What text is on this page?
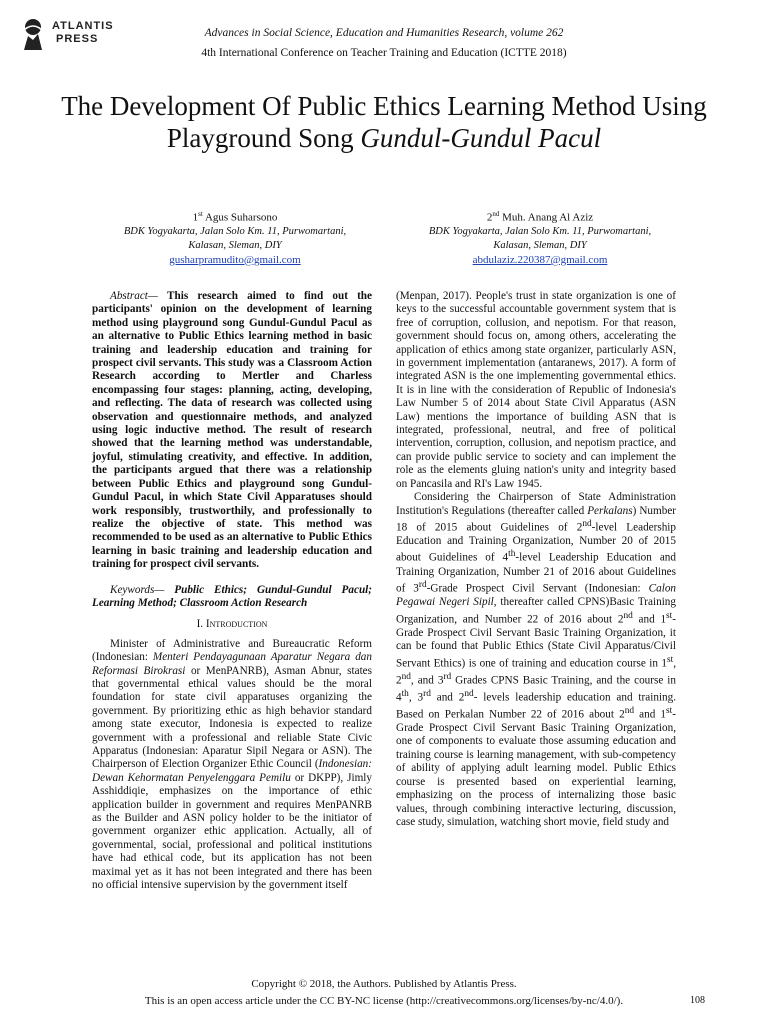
ATLANTIS
PRESS	Advances in Social Science, Education and Humanities Research, volume 262
4th International Conference on Teacher Training and Education (ICTTE 2018)
The Development Of Public Ethics Learning Method Using Playground Song Gundul-Gundul Pacul
1st Agus Suharsono
BDK Yogyakarta, Jalan Solo Km. 11, Purwomartani,
Kalasan, Sleman, DIY
gusharpramudito@gmail.com
2nd Muh. Anang Al Aziz
BDK Yogyakarta, Jalan Solo Km. 11, Purwomartani,
Kalasan, Sleman, DIY
abdulaziz.220387@gmail.com

Abstract— This research aimed to find out the participants' opinion on the development of learning method using playground song Gundul-Gundul Pacul as an alternative to Public Ethics learning method in basic training and leadership education and training for prospect civil servants. This study was a Classroom Action Research according to Mertler and Charless encompassing four stages: planning, acting, developing, and reflecting. The data of research was collected using observation and questionnaire methods, and analyzed using logic inductive method. The result of research showed that the learning method was understandable, joyful, stimulating creativity, and effective. In addition, the participants argued that there was a relationship between Public Ethics and playground song Gundul-Gundul Pacul, in which State Civil Apparatuses should work responsibly, trustworthily, and professionally to realize the objective of state. This method was recommended to be used as an alternative to Public Ethics learning in basic training and leadership education and training for prospect civil servants.

Keywords— Public Ethics; Gundul-Gundul Pacul; Learning Method; Classroom Action Research

I. Introduction

Minister of Administrative and Bureaucratic Reform (Indonesian: Menteri Pendayagunaan Aparatur Negara dan Reformasi Birokrasi or MenPANRB), Asman Abnur, states that governmental ethical values should be the moral foundation for state civil apparatuses organizing the government. By prioritizing ethic as high behavior standard among state executor, Indonesia is expected to realize government with a professional and reliable State Civic Apparatus (Indonesian: Aparatur Sipil Negara or ASN). The Chairperson of Election Organizer Ethic Council (Indonesian: Dewan Kehormatan Penyelenggara Pemilu or DKPP), Jimly Asshiddiqie, emphasizes on the importance of ethic application builder in government and requires MenPANRB as the Builder and ASN policy holder to be the initiator of government organizer ethic application. Actually, all of governmental, social, professional and political institutions have had ethical code, but its application has not been maximal yet as it has not been integrated and there has been no official intensive supervision by the government itself

(Menpan, 2017). People's trust in state organization is one of keys to the successful accountable government system that is free of corruption, collusion, and nepotism. For that reason, government should focus on, among others, accelerating the application of ethics among state organizer, particularly ASN, in government implementation (antaranews, 2017). A form of integrated ASN is the one implementing governmental ethics. It is in line with the consideration of Republic of Indonesia's Law Number 5 of 2014 about State Civil Apparatus (ASN Law) mentions the importance of building ASN that is integrated, professional, neutral, and free of political intervention, corruption, collusion, and nepotism practice, and can provide public service to society and can implement the role as the elements gluing nation's unity and integrity based on Pancasila and RI's Law 1945.

Considering the Chairperson of State Administration Institution's Regulations (thereafter called Perkalans) Number 18 of 2015 about Guidelines of 2nd-level Leadership Education and Training Organization, Number 20 of 2015 about Guidelines of 4th-level Leadership Education and Training Organization, Number 21 of 2016 about Guidelines of 3rd-Grade Prospect Civil Servant (Indonesian: Calon Pegawai Negeri Sipil, thereafter called CPNS)Basic Training Organization, and Number 22 of 2016 about 2nd and 1st-Grade Prospect Civil Servant Basic Training Organization, it can be found that Public Ethics (State Civil Apparatus/Civil Servant Ethics) is one of training and education course in 1st, 2nd, and 3rd Grades CPNS Basic Training, and the course in 4th, 3rd and 2nd- levels leadership education and training. Based on Perkalan Number 22 of 2016 about 2nd and 1st-Grade Prospect Civil Servant Basic Training Organization, one of components to evaluate those assuming education and training course is learning management, with sub-competency of ability of applying adult learning model. Public Ethics course is presented based on experiential learning, emphasizing on the process of internalizing those basic values, through combining interactive lecturing, discussion, case study, simulation, watching short movie, field study and

Copyright © 2018, the Authors. Published by Atlantis Press.
This is an open access article under the CC BY-NC license (http://creativecommons.org/licenses/by-nc/4.0/).	108
